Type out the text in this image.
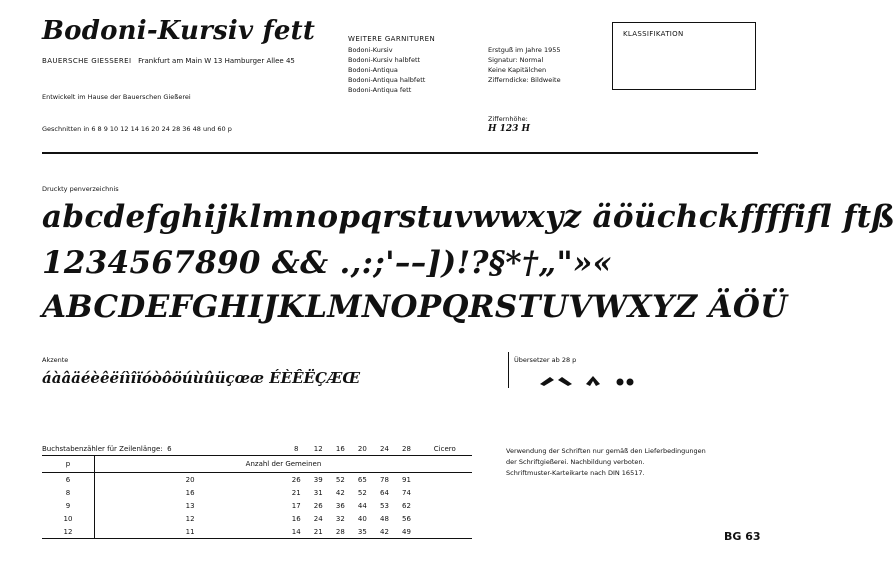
Bodoni-Kursiv fett
BAUERSCHE GIESSEREI Frankfurt am Main W 13 Hamburger Allee 45
Entwickelt im Hause der Bauerschen Gießerei
Geschnitten in 6 8 9 10 12 14 16 20 24 28 36 48 und 60 p
WEITERE GARNITUREN
Bodoni-Kursiv
Bodoni-Kursiv halbfett
Bodoni-Antiqua
Bodoni-Antiqua halbfett
Bodoni-Antiqua fett
Erstguß im Jahre 1955
Signatur: Normal
Keine Kapitälchen
Zifferndicke: Bildweite
Ziffernhöhe:
H 123 H
KLASSIFIKATION
Druckty penverzeichnis
abcdefghijklmnopqrstuvwwxyz äöüchckffffifl ftß
1234567890 && .,:;'––])!?§*†„"»«
ABCDEFGHIJKLMNOPQRSTUVWXYZ ÄÖÜ
Akzente
áàâäéèêëíìîïóòôöúùûüçœæ ÉÈÊËÇÆŒ
Übersetzer ab 28 p
Buchstabenzähler für Zeilenlänge: 6		8	12	16	20	24	28	Cicero
p	Anzahl der Gemeinen							
6	20	26	39	52	65	78	91	
8	16	21	31	42	52	64	74	
9	13	17	26	36	44	53	62	
10	12	16	24	32	40	48	56	
12	11	14	21	28	35	42	49	
Verwendung der Schriften nur gemäß den Lieferbedingungen
der Schriftgießerei. Nachbildung verboten.
Schriftmuster-Karteikarte nach DIN 16517.
BG 63
